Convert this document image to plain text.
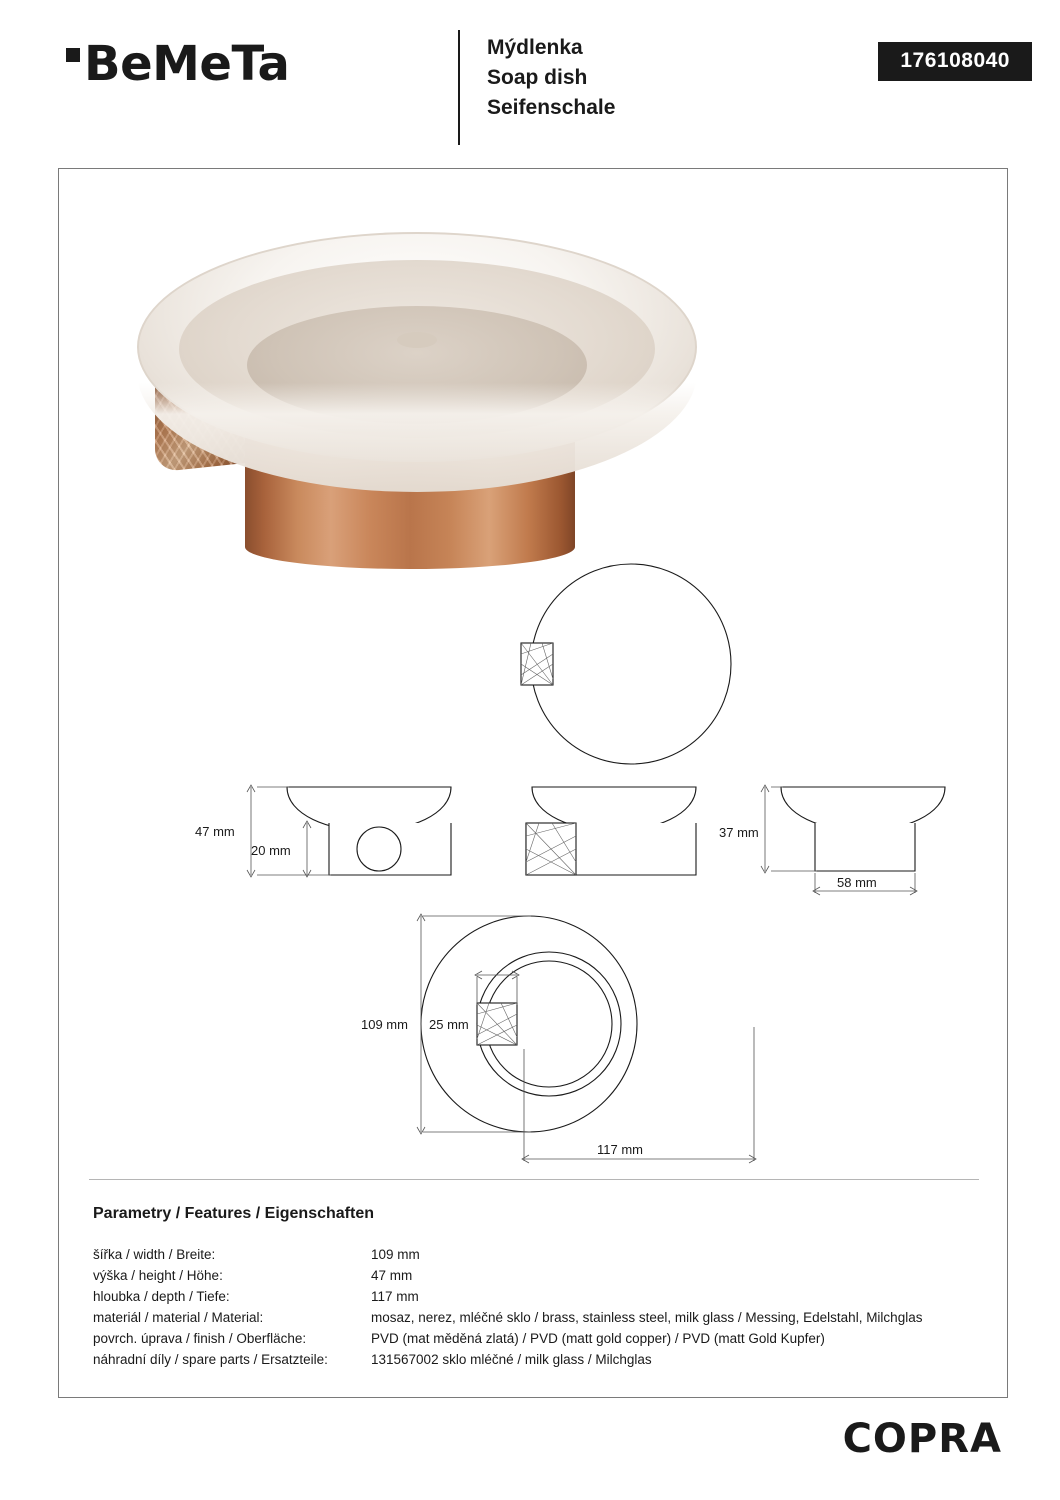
BeMeTa	Mýdlenka
Soap dish
Seifenschale
176108040
47 mm
20 mm
37 mm
58 mm
109 mm 25 mm
117 mm
Parametry / Features / Eigenschaften
šířka / width / Breite:	109 mm
výška / height / Höhe:	47 mm
hloubka / depth / Tiefe:	117 mm
materiál / material / Material:	mosaz, nerez, mléčné sklo / brass, stainless steel, milk glass / Messing, Edelstahl, Milchglas
povrch. úprava / finish / Oberfläche:	PVD (mat měděná zlatá) / PVD (matt gold copper) / PVD (matt Gold Kupfer)
náhradní díly / spare parts / Ersatzteile:	131567002 sklo mléčné / milk glass / Milchglas
COPRA
